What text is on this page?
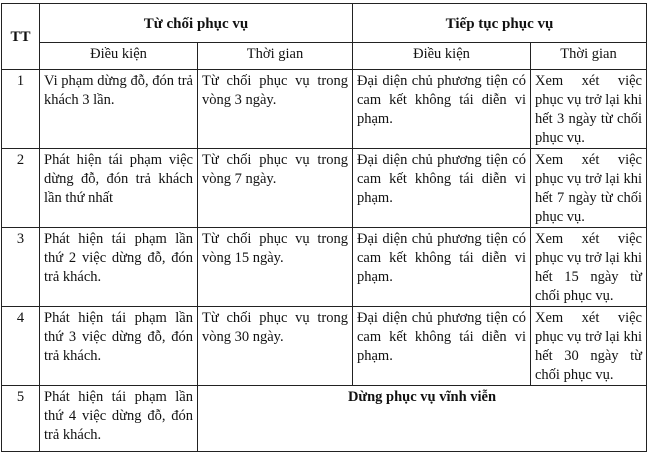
TT	Từ chối phục vụ		Tiếp tục phục vụ	
	Điều kiện	Thời gian	Điều kiện	Thời gian
1	Vi phạm dừng đỗ, đón trả khách 3 lần.	Từ chối phục vụ trong vòng 3 ngày.	Đại diện chủ phương tiện có cam kết không tái diễn vi phạm.	Xem xét việc phục vụ trở lại khi hết 3 ngày từ chối phục vụ.
2	Phát hiện tái phạm việc dừng đỗ, đón trả khách lần thứ nhất	Từ chối phục vụ trong vòng 7 ngày.	Đại diện chủ phương tiện có cam kết không tái diễn vi phạm.	Xem xét việc phục vụ trở lại khi hết 7 ngày từ chối phục vụ.
3	Phát hiện tái phạm lần thứ 2 việc dừng đỗ, đón trả khách.	Từ chối phục vụ trong vòng 15 ngày.	Đại diện chủ phương tiện có cam kết không tái diễn vi phạm.	Xem xét việc phục vụ trở lại khi hết 15 ngày từ chối phục vụ.
4	Phát hiện tái phạm lần thứ 3 việc dừng đỗ, đón trả khách.	Từ chối phục vụ trong vòng 30 ngày.	Đại diện chủ phương tiện có cam kết không tái diễn vi phạm.	Xem xét việc phục vụ trở lại khi hết 30 ngày từ chối phục vụ.
5	Phát hiện tái phạm lần thứ 4 việc dừng đỗ, đón trả khách.	Dừng phục vụ vĩnh viễn		
